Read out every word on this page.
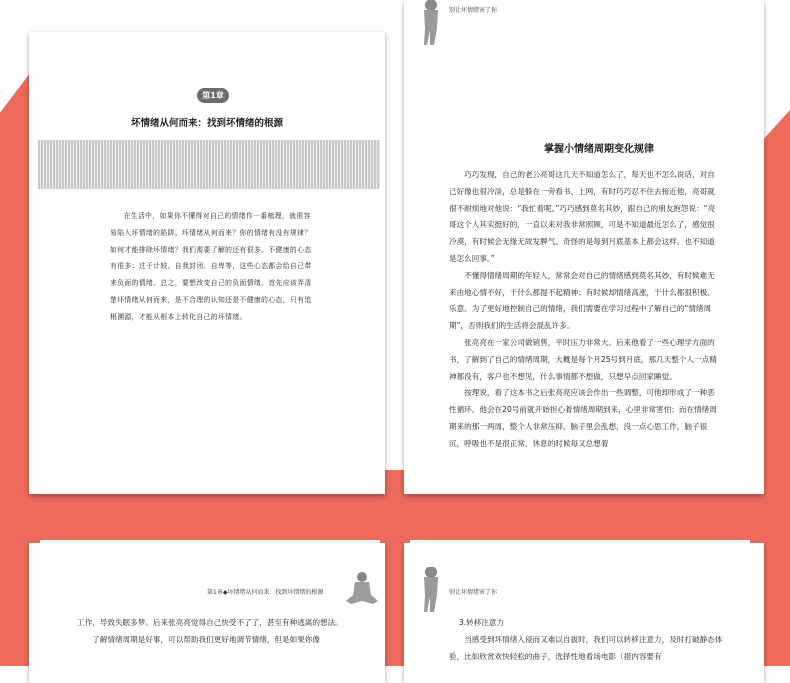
第1章
坏情绪从何而来：找到坏情绪的根源

在生活中，如果你不懂得对自己的情绪作一番梳理，就很容易陷入坏情绪的陷阱。坏情绪从何而来？你的情绪有没有规律？如何才能排除坏情绪？我们需要了解的还有很多。不健康的心态有很多：过于计较、自我封闭、自卑等，这些心态都会给自己带来负面的情绪。总之，要想改变自己的负面情绪，首先应该弄清楚坏情绪从何而来，是不合理的认知还是不健康的心态，只有追根溯源，才能从根本上转化自己的坏情绪。

别让坏情绪害了你
掌握小情绪周期变化规律

巧巧发现，自己的老公亮哥这几天不知道怎么了，每天也不怎么说话，对自己好像也很冷淡，总是躲在一旁看书、上网，有时巧巧忍不住去接近他，亮哥就很不耐烦地对他说：“我忙着呢。”巧巧感到莫名其妙，跟自己的朋友抱怨说：“亮哥这个人其实挺好的，一直以来对我非常照顾，可是不知道最近怎么了，感觉很冷漠，有时候会无缘无故发脾气。奇怪的是每到月底基本上都会这样，也不知道是怎么回事。”

不懂得情绪周期的年轻人，常常会对自己的情绪感到莫名其妙，有时候难无来由地心情不好，干什么都提不起精神；有时候却情绪高涨，干什么都很积极、乐意。为了更好地控制自己的情绪，我们需要在学习过程中了解自己的“情绪周期”，否则我们的生活将会混乱许多。

张亮亮在一家公司做销售，平时压力非常大。后来他看了一些心理学方面的书，了解到了自己的情绪周期，大概是每个月25号到月底，那几天整个人一点精神都没有，客户也不想见，什么事情都不想做，只想早点回家睡觉。

按理说，看了这本书之后张亮亮应该会作出一些调整，可他却形成了一种恶性循环。他会在20号前就开始担心着情绪周期到来，心里非常害怕；而在情绪周期来的那一两周，整个人非常压抑，脑子里会乱想，没一点心思工作，脑子很沉，呼吸也不是很正常，休息的时候每又总想着

第1章◆坏情绪从何而来：找到坏情绪的根源

工作，导致失眠多梦。后来张亮亮觉得自己快受不了了，甚至有种逃离的想法。

了解情绪周期是好事，可以帮助我们更好地调节情绪，但是如果你像

别让坏情绪害了你

3.转移注意力

当感受到坏情绪入侵而又难以自拔时，我们可以转移注意力，及时打破静态体验，比如欣赏欢快轻松的曲子，选择性地看场电影（措内容要有
